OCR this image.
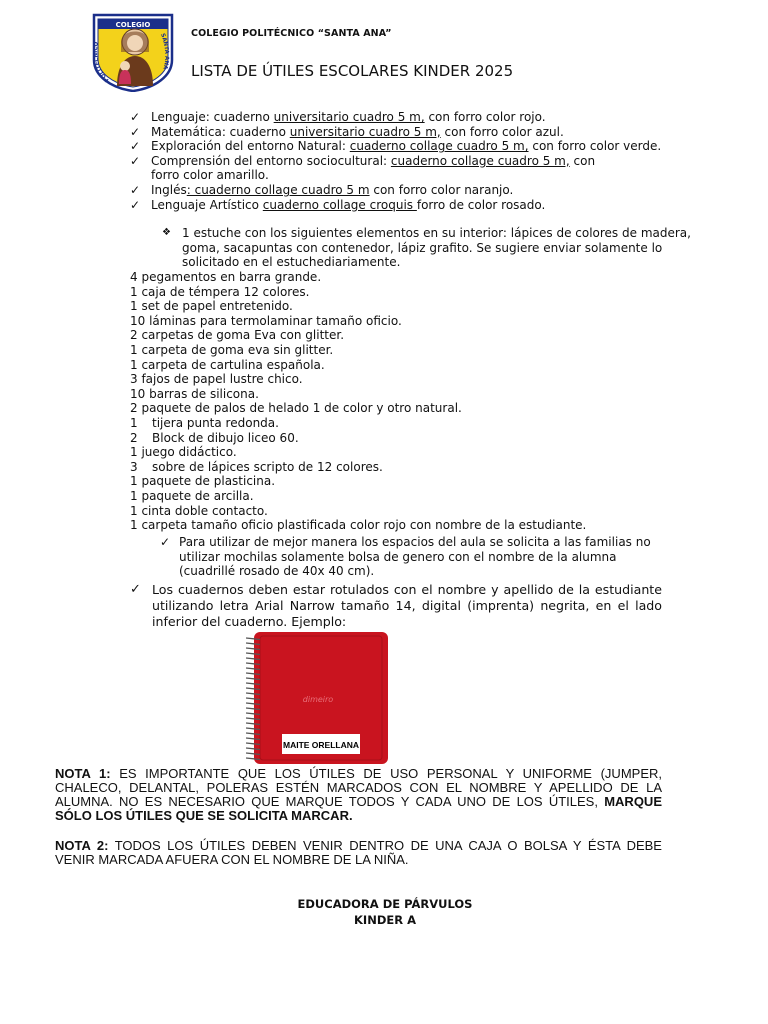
COLEGIO
POLITÉCNICO
SANTA ANA
COLEGIO POLITÉCNICO “SANTA ANA”
LISTA DE ÚTILES ESCOLARES KINDER 2025
✓ Lenguaje: cuaderno universitario cuadro 5 m, con forro color rojo.
✓ Matemática: cuaderno universitario cuadro 5 m, con forro color azul.
✓ Exploración del entorno Natural: cuaderno collage cuadro 5 m, con forro color verde.
✓ Comprensión del entorno sociocultural: cuaderno collage cuadro 5 m, con forro color amarillo.
✓ Inglés: cuaderno collage cuadro 5 m con forro color naranjo.
✓ Lenguaje Artístico cuaderno collage croquis forro de color rosado.
❖ 1 estuche con los siguientes elementos en su interior: lápices de colores de madera, goma, sacapuntas con contenedor, lápiz grafito. Se sugiere enviar solamente lo solicitado en el estuchediariamente.
4 pegamentos en barra grande.
1 caja de témpera 12 colores.
1 set de papel entretenido.
10 láminas para termolaminar tamaño oficio.
2 carpetas de goma Eva con glitter.
1 carpeta de goma eva sin glitter.
1 carpeta de cartulina española.
3 fajos de papel lustre chico.
10 barras de silicona.
2 paquete de palos de helado 1 de color y otro natural.
1 tijera punta redonda.
2 Block de dibujo liceo 60.
1 juego didáctico.
3 sobre de lápices scripto de 12 colores.
1 paquete de plasticina.
1 paquete de arcilla.
1 cinta doble contacto.
1 carpeta tamaño oficio plastificada color rojo con nombre de la estudiante.
✓ Para utilizar de mejor manera los espacios del aula se solicita a las familias no utilizar mochilas solamente bolsa de genero con el nombre de la alumna (cuadrillé rosado de 40x 40 cm).
✓ Los cuadernos deben estar rotulados con el nombre y apellido de la estudiante utilizando letra Arial Narrow tamaño 14, digital (imprenta) negrita, en el lado inferior del cuaderno. Ejemplo:
dimeiro
MAITE ORELLANA
NOTA 1: ES IMPORTANTE QUE LOS ÚTILES DE USO PERSONAL Y UNIFORME (JUMPER, CHALECO, DELANTAL, POLERAS ESTÉN MARCADOS CON EL NOMBRE Y APELLIDO DE LA ALUMNA. NO ES NECESARIO QUE MARQUE TODOS Y CADA UNO DE LOS ÚTILES, MARQUE SÓLO LOS ÚTILES QUE SE SOLICITA MARCAR.
NOTA 2: TODOS LOS ÚTILES DEBEN VENIR DENTRO DE UNA CAJA O BOLSA Y ÉSTA DEBE VENIR MARCADA AFUERA CON EL NOMBRE DE LA NIÑA.
EDUCADORA DE PÁRVULOS
KINDER A
